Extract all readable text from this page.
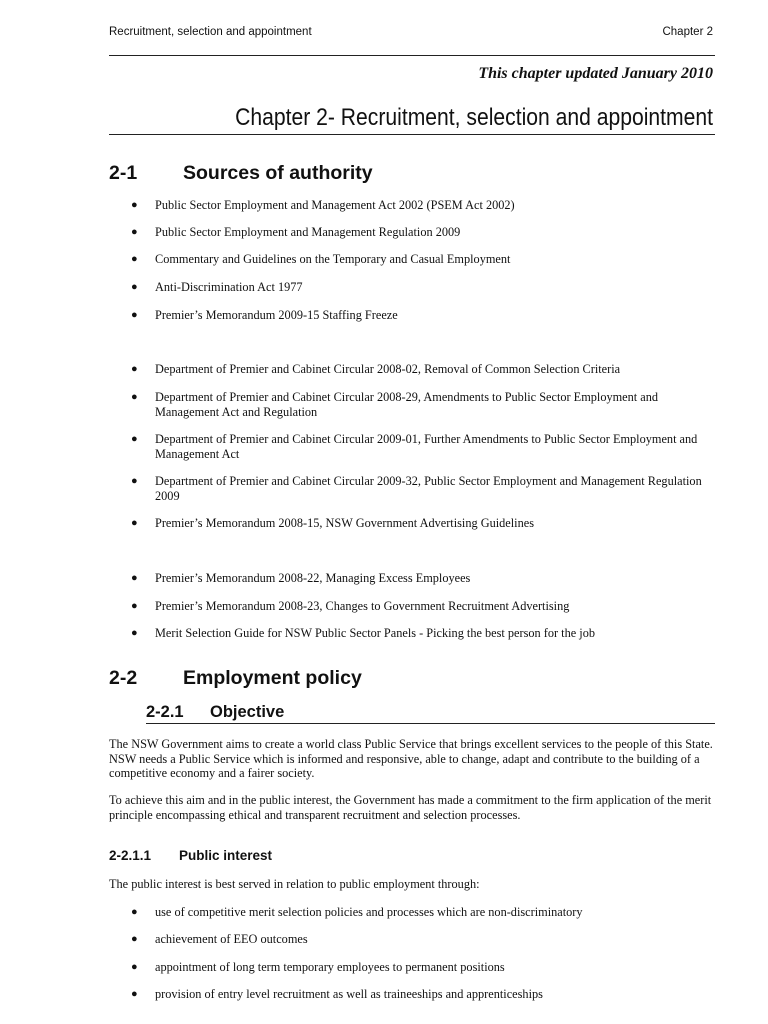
Recruitment, selection and appointment	Chapter 2
This chapter updated January 2010
Chapter 2- Recruitment, selection and appointment
2-1 Sources of authority
● Public Sector Employment and Management Act 2002 (PSEM Act 2002)
● Public Sector Employment and Management Regulation 2009
● Commentary and Guidelines on the Temporary and Casual Employment
● Anti-Discrimination Act 1977
● Premier’s Memorandum 2009-15 Staffing Freeze
● Department of Premier and Cabinet Circular 2008-02, Removal of Common Selection Criteria
● Department of Premier and Cabinet Circular 2008-29, Amendments to Public Sector Employment and Management Act and Regulation
● Department of Premier and Cabinet Circular 2009-01, Further Amendments to Public Sector Employment and Management Act
● Department of Premier and Cabinet Circular 2009-32, Public Sector Employment and Management Regulation 2009
● Premier’s Memorandum 2008-15, NSW Government Advertising Guidelines
● Premier’s Memorandum 2008-22, Managing Excess Employees
● Premier’s Memorandum 2008-23, Changes to Government Recruitment Advertising
● Merit Selection Guide for NSW Public Sector Panels - Picking the best person for the job
2-2 Employment policy
2-2.1 Objective
The NSW Government aims to create a world class Public Service that brings excellent services to the people of this State. NSW needs a Public Service which is informed and responsive, able to change, adapt and contribute to the building of a competitive economy and a fairer society.
To achieve this aim and in the public interest, the Government has made a commitment to the firm application of the merit principle encompassing ethical and transparent recruitment and selection processes.
2-2.1.1 Public interest
The public interest is best served in relation to public employment through:
● use of competitive merit selection policies and processes which are non-discriminatory
● achievement of EEO outcomes
● appointment of long term temporary employees to permanent positions
● provision of entry level recruitment as well as traineeships and apprenticeships
